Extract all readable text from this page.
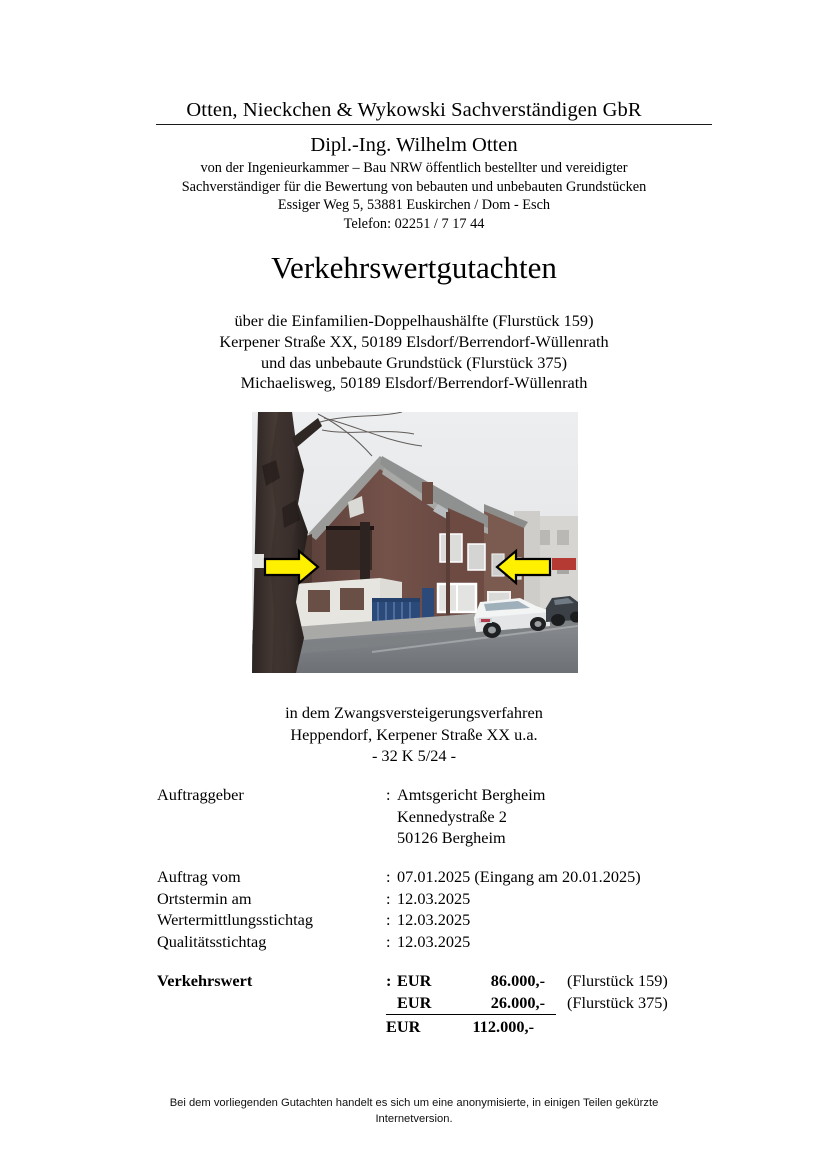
Otten, Nieckchen & Wykowski Sachverständigen GbR
Dipl.-Ing. Wilhelm Otten
von der Ingenieurkammer – Bau NRW öffentlich bestellter und vereidigter
Sachverständiger für die Bewertung von bebauten und unbebauten Grundstücken
Essiger Weg 5, 53881 Euskirchen / Dom - Esch
Telefon: 02251 / 7 17 44
Verkehrswertgutachten
über die Einfamilien-Doppelhaushälfte (Flurstück 159)
Kerpener Straße XX, 50189 Elsdorf/Berrendorf-Wüllenrath
und das unbebaute Grundstück (Flurstück 375)
Michaelisweg, 50189 Elsdorf/Berrendorf-Wüllenrath
in dem Zwangsversteigerungsverfahren
Heppendorf, Kerpener Straße XX u.a.
- 32 K 5/24 -
Auftraggeber	: Amtsgericht Bergheim
Kennedystraße 2
50126 Bergheim
Auftrag vom	: 07.01.2025 (Eingang am 20.01.2025)
Ortstermin am	: 12.03.2025
Wertermittlungsstichtag	: 12.03.2025
Qualitätsstichtag	: 12.03.2025
Verkehrswert	: EUR	86.000,-	(Flurstück 159)
EUR	26.000,-	(Flurstück 375)
EUR	112.000,-
Bei dem vorliegenden Gutachten handelt es sich um eine anonymisierte, in einigen Teilen gekürzte
Internetversion.
